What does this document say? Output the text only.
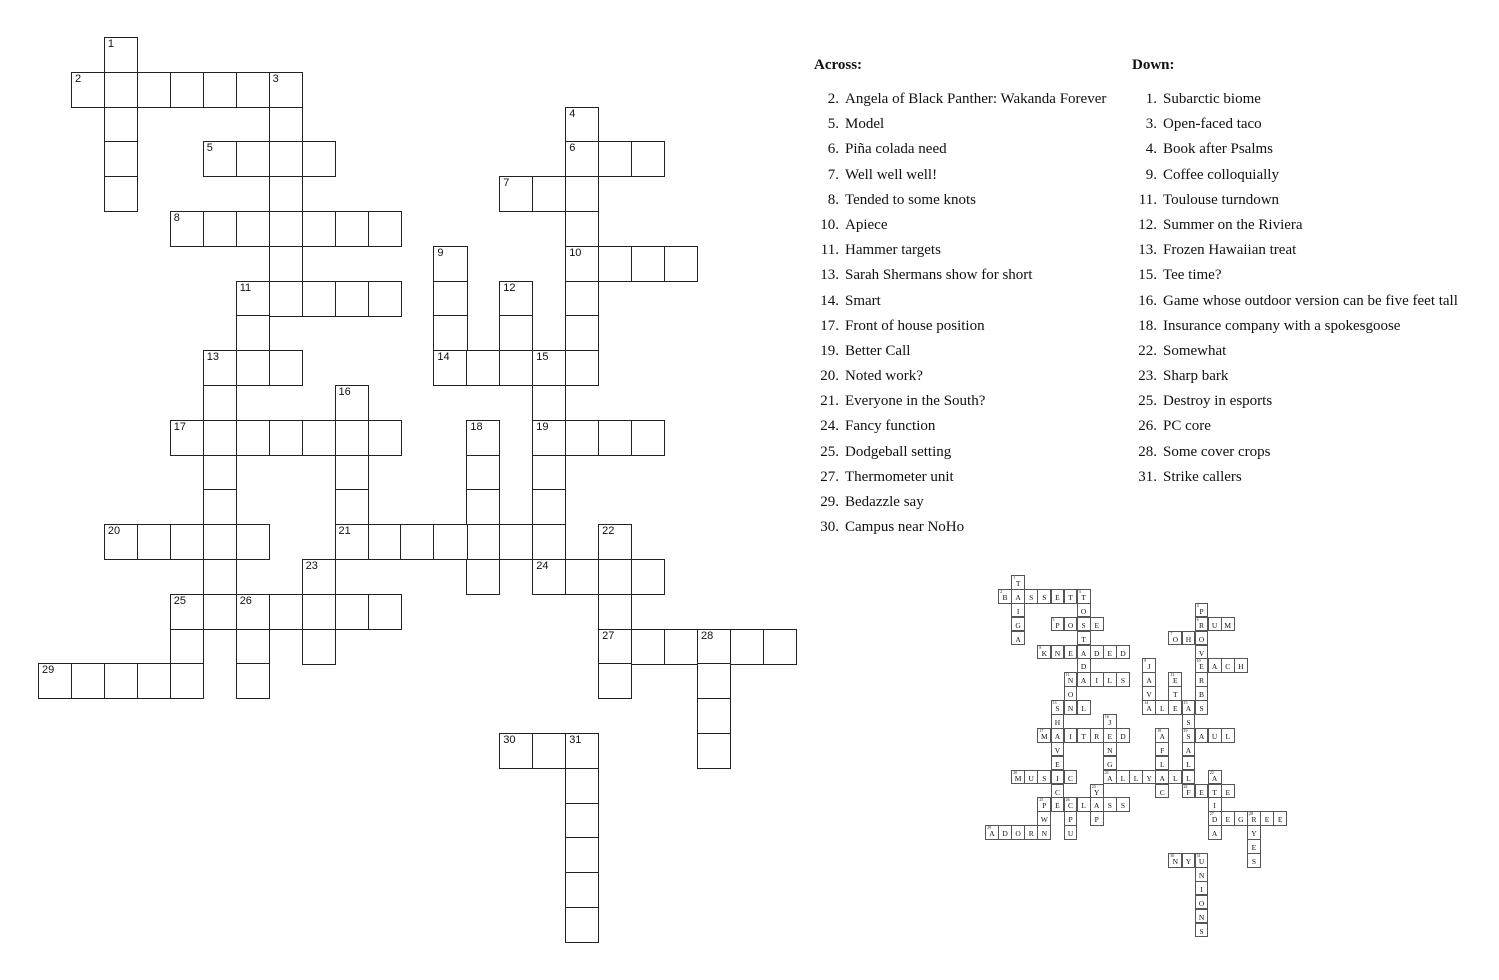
1
2	3
4
6
10
5
7
8
9
14
11	12
13	15
19
16
21
17	18
20	22
27
23	24
25	26
28
29
30	31
Across:
2. Angela of Black Panther: Wakanda Forever
5. Model
6. Piña colada need
7. Well well well!
8. Tended to some knots
10. Apiece
11. Hammer targets
13. Sarah Shermans show for short
14. Smart
17. Front of house position
19. Better Call
20. Noted work?
21. Everyone in the South?
24. Fancy function
25. Dodgeball setting
27. Thermometer unit
29. Bedazzle say
30. Campus near NoHo
Down:
1. Subarctic biome
3. Open-faced taco
4. Book after Psalms
9. Coffee colloquially
11. Toulouse turndown
12. Summer on the Riviera
13. Frozen Hawaiian treat
15. Tee time?
16. Game whose outdoor version can be five feet tall
18. Insurance company with a spokesgoose
22. Somewhat
23. Sharp bark
25. Destroy in esports
26. PC core
28. Some cover crops
31. Strike callers
1
T
A
I
G
A
2
B	S	S	E	T
3
T
O
S
T
A
D
A
4
P
6
R
O
V
10
E
R
B
S
5
P	O	E	U M
7
O	H
8
K	N	E	D	E	D
9
J
A
V
14
A
A	C	H
11
N	I	L	S
O
N
12
E
T
E
13
S	L
H
A
V
E
I
C
E
L
15
A
S
19
S
A
L
16
J
E
N
G
21
A
17
M	I	T	R	D
18
A
F
L
A
C
A	U	L
20
M U	S	C	L	L	Y	L	L
22
A
T
I
27
D
A
23
Y
A
P
24
F	E	E
25
P
26
C	L	S	S
W
N
P
U
E	G
28
R	E	E
Y
E
S
29
A	D	O	R
30
N	Y
31
U
N
I
O
N
S
